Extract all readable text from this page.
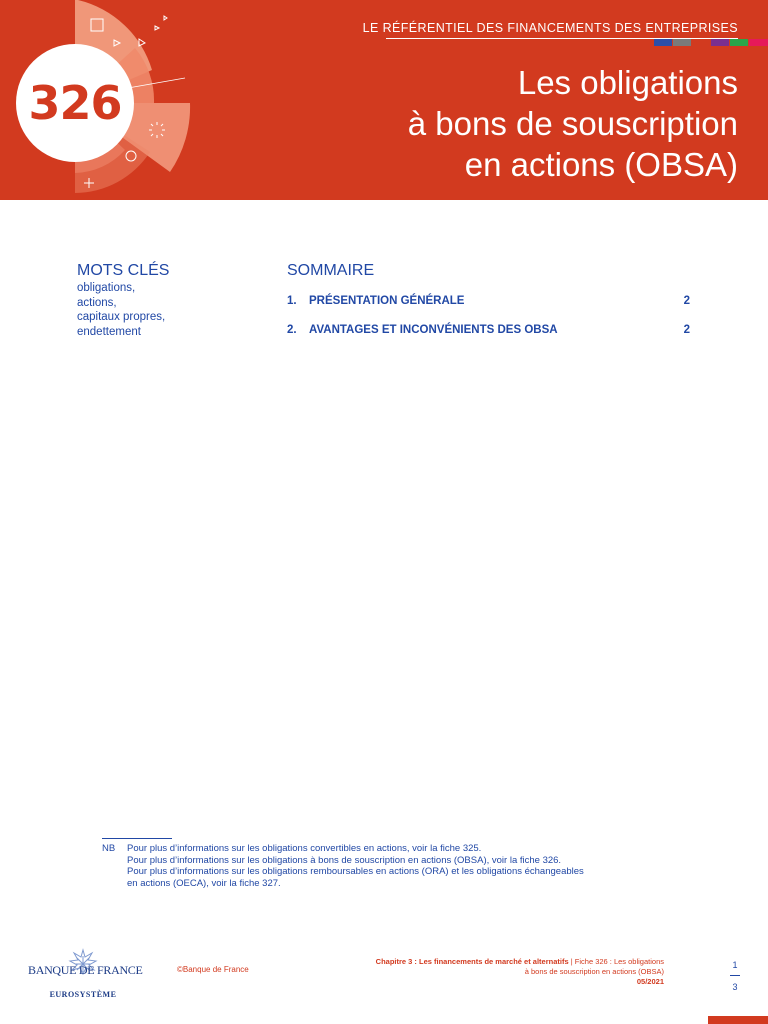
326
LE RÉFÉRENTIEL DES FINANCEMENTS DES ENTREPRISES
Les obligations
à bons de souscription
en actions (OBSA)
MOTS CLÉS
obligations,
actions,
capitaux propres,
endettement
SOMMAIRE
1. PRÉSENTATION GÉNÉRALE	2
2. AVANTAGES ET INCONVÉNIENTS DES OBSA	2
NB Pour plus d’informations sur les obligations convertibles en actions, voir la fiche 325.
Pour plus d’informations sur les obligations à bons de souscription en actions (OBSA), voir la fiche 326.
Pour plus d’informations sur les obligations remboursables en actions (ORA) et les obligations échangeables
en actions (OECA), voir la fiche 327.
BANQUE DE FRANCE
EUROSYSTÈME
©Banque de France
Chapitre 3 : Les financements de marché et alternatifs | Fiche 326 : Les obligations
à bons de souscription en actions (OBSA)
05/2021
1
3
